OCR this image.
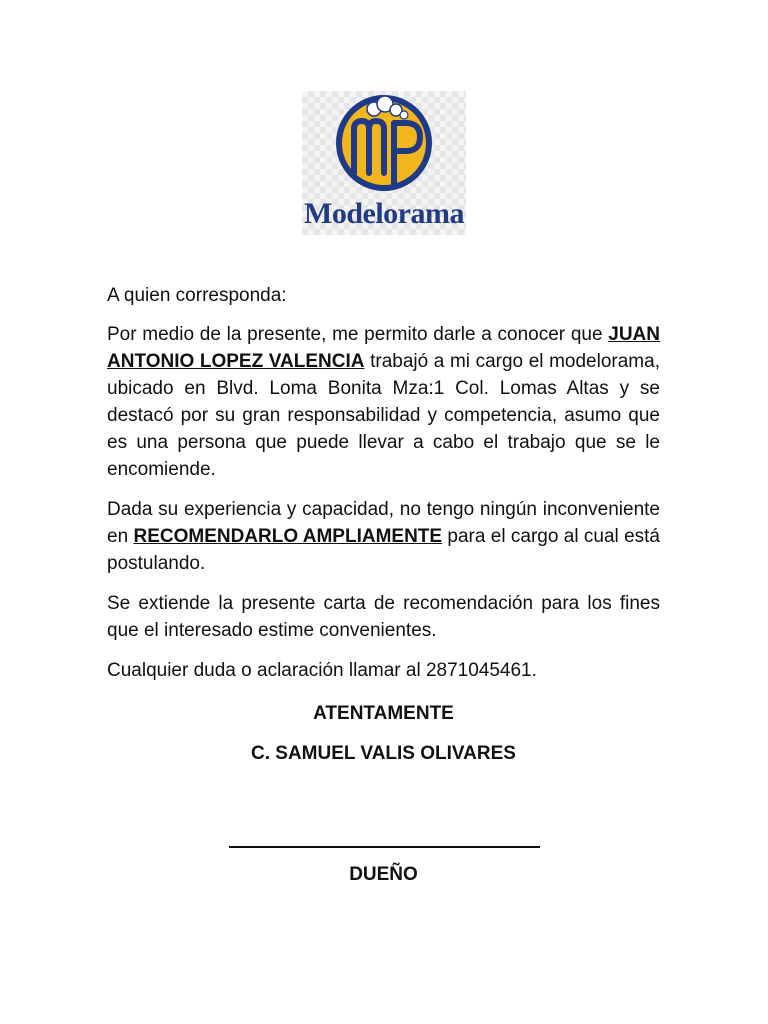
Modelorama

A quien corresponda:

Por medio de la presente, me permito darle a conocer que JUAN ANTONIO LOPEZ VALENCIA trabajó a mi cargo el modelorama, ubicado en Blvd. Loma Bonita Mza:1 Col. Lomas Altas y se destacó por su gran responsabilidad y competencia, asumo que es una persona que puede llevar a cabo el trabajo que se le encomiende.

Dada su experiencia y capacidad, no tengo ningún inconveniente en RECOMENDARLO AMPLIAMENTE para el cargo al cual está postulando.

Se extiende la presente carta de recomendación para los fines que el interesado estime convenientes.

Cualquier duda o aclaración llamar al 2871045461.

ATENTAMENTE
C. SAMUEL VALIS OLIVARES
DUEÑO
